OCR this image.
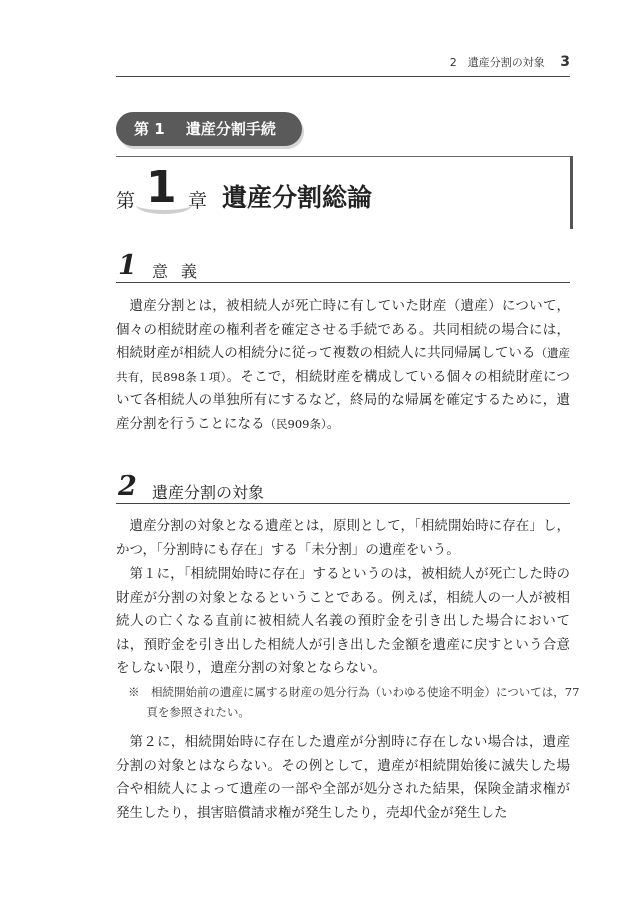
2　遺産分割の対象 3
第 1 遺産分割手続
第 1 章 遺産分割総論
1 意義

遺産分割とは，被相続人が死亡時に有していた財産（遺産）について，個々の相続財産の権利者を確定させる手続である。共同相続の場合には，相続財産が相続人の相続分に従って複数の相続人に共同帰属している（遺産共有，民898条１項）。そこで，相続財産を構成している個々の相続財産について各相続人の単独所有にするなど，終局的な帰属を確定するために，遺産分割を行うことになる（民909条）。

2 遺産分割の対象

遺産分割の対象となる遺産とは，原則として，「相続開始時に存在」し，かつ，「分割時にも存在」する「未分割」の遺産をいう。

第１に，「相続開始時に存在」するというのは，被相続人が死亡した時の財産が分割の対象となるということである。例えば，相続人の一人が被相続人の亡くなる直前に被相続人名義の預貯金を引き出した場合においては，預貯金を引き出した相続人が引き出した金額を遺産に戻すという合意をしない限り，遺産分割の対象とならない。

※　相続開始前の遺産に属する財産の処分行為（いわゆる使途不明金）については，77頁を参照されたい。

第２に，相続開始時に存在した遺産が分割時に存在しない場合は，遺産分割の対象とはならない。その例として，遺産が相続開始後に滅失した場合や相続人によって遺産の一部や全部が処分された結果，保険金請求権が発生したり，損害賠償請求権が発生したり，売却代金が発生した
